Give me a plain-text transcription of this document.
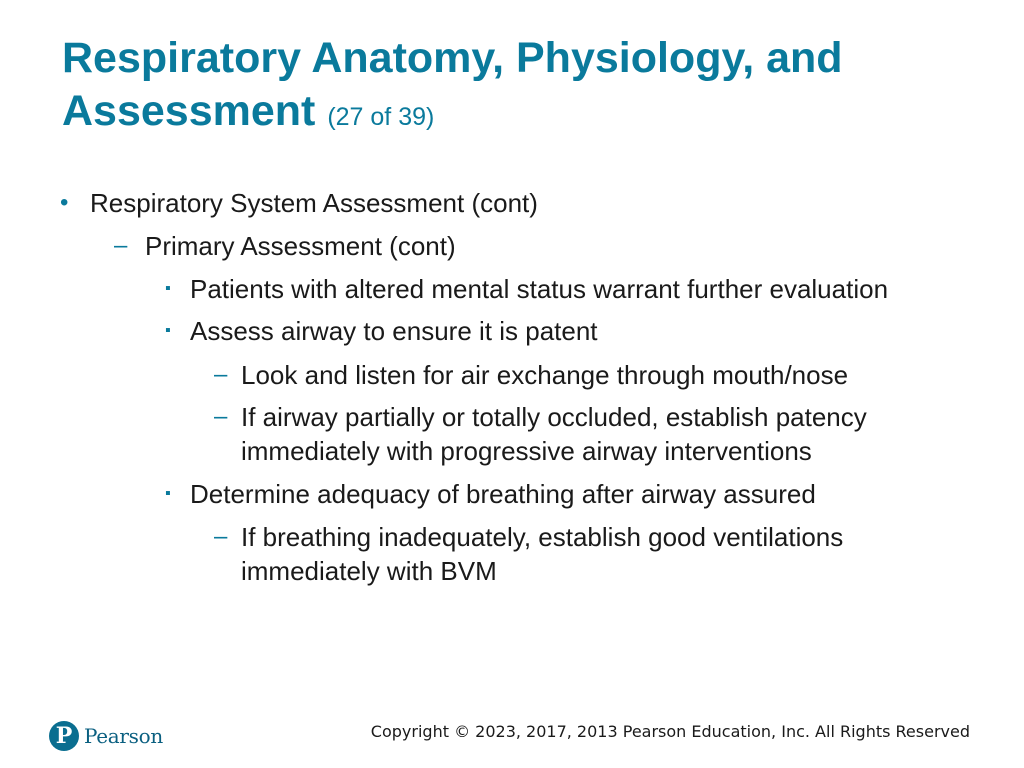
Respiratory Anatomy, Physiology, and Assessment (27 of 39)
• Respiratory System Assessment (cont)
– Primary Assessment (cont)
▪ Patients with altered mental status warrant further evaluation
▪ Assess airway to ensure it is patent
– Look and listen for air exchange through mouth/nose
– If airway partially or totally occluded, establish patency
immediately with progressive airway interventions
▪ Determine adequacy of breathing after airway assured
– If breathing inadequately, establish good ventilations
immediately with BVM
P Pearson	Copyright © 2023, 2017, 2013 Pearson Education, Inc. All Rights Reserved
